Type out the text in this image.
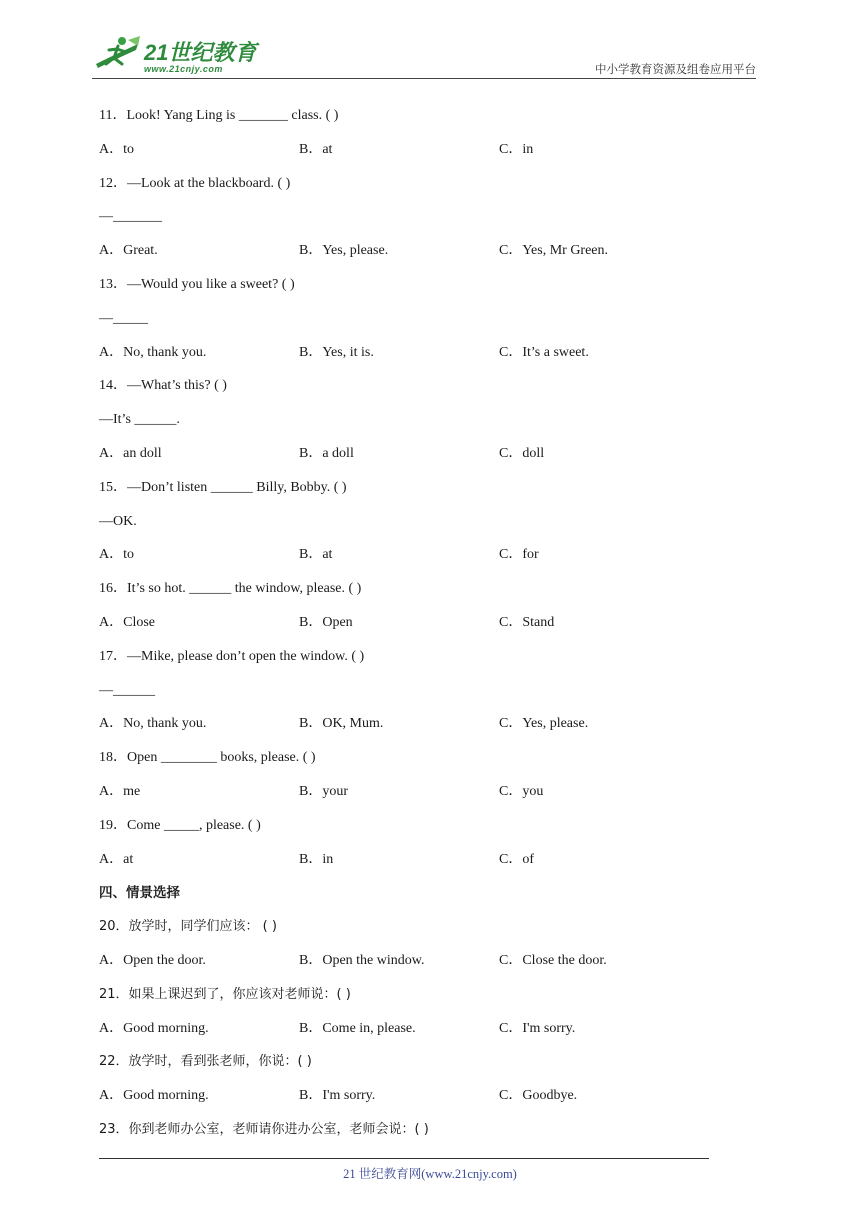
21世纪教育
www.21cnjy.com	中小学教育资源及组卷应用平台
11．Look! Yang Ling is _______ class. ( )
A．to	B．at	C．in
12．—Look at the blackboard. ( )
—_______
A．Great.	B．Yes, please.	C．Yes, Mr Green.
13．—Would you like a sweet? ( )
—_____
A．No, thank you.	B．Yes, it is.	C．It’s a sweet.
14．—What’s this? ( )
—It’s ______.
A．an doll	B．a doll	C．doll
15．—Don’t listen ______ Billy, Bobby. ( )
—OK.
A．to	B．at	C．for
16．It’s so hot. ______ the window, please. ( )
A．Close	B．Open	C．Stand
17．—Mike, please don’t open the window. ( )
—______
A．No, thank you.	B．OK, Mum.	C．Yes, please.
18．Open ________ books, please. ( )
A．me	B．your	C．you
19．Come _____, please. ( )
A．at	B．in	C．of
四、情景选择
20．放学时，同学们应该： ( )
A．Open the door.	B．Open the window.	C．Close the door.
21．如果上课迟到了，你应该对老师说：( )
A．Good morning.	B．Come in, please.	C．I'm sorry.
22．放学时，看到张老师，你说：( )
A．Good morning.	B．I'm sorry.	C．Goodbye.
23．你到老师办公室，老师请你进办公室，老师会说：( )
21 世纪教育网(www.21cnjy.com)
